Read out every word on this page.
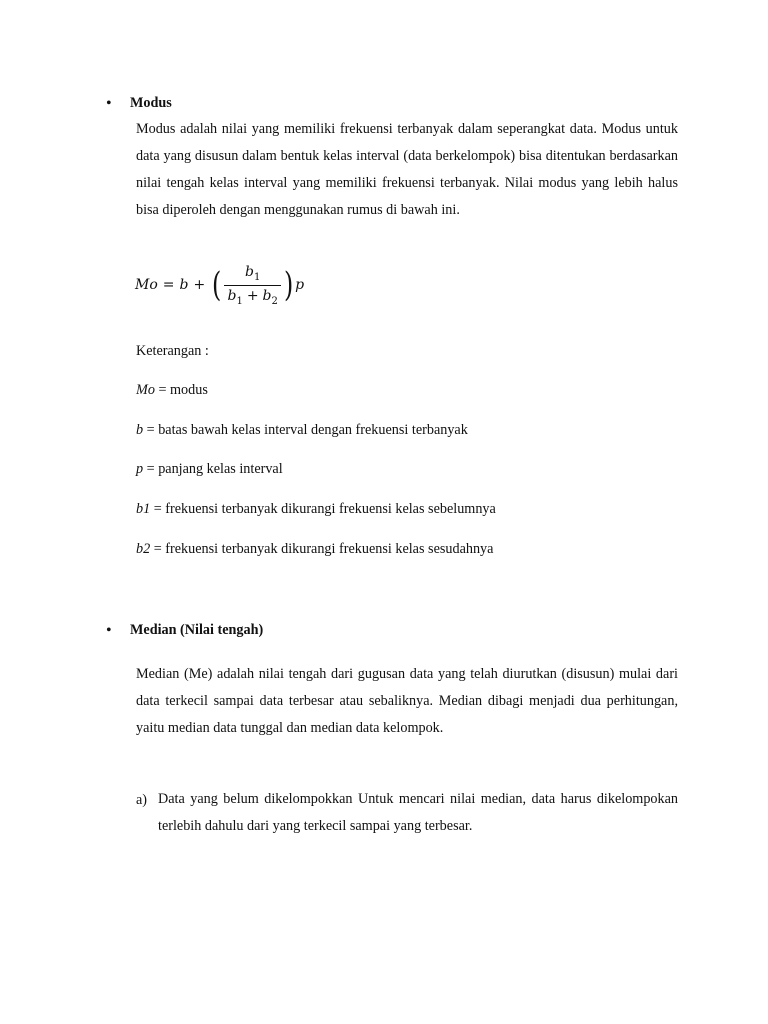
• Modus

Modus adalah nilai yang memiliki frekuensi terbanyak dalam seperangkat data. Modus untuk data yang disusun dalam bentuk kelas interval (data berkelompok) bisa ditentukan berdasarkan nilai tengah kelas interval yang memiliki frekuensi terbanyak. Nilai modus yang lebih halus bisa diperoleh dengan menggunakan rumus di bawah ini.

Mo = b + ( $\frac{b_1}{b_1 + b_2}$ ) p
Keterangan :
Mo = modus
b = batas bawah kelas interval dengan frekuensi terbanyak
p = panjang kelas interval
b1 = frekuensi terbanyak dikurangi frekuensi kelas sebelumnya
b2 = frekuensi terbanyak dikurangi frekuensi kelas sesudahnya
• Median (Nilai tengah)

Median (Me) adalah nilai tengah dari gugusan data yang telah diurutkan (disusun) mulai dari data terkecil sampai data terbesar atau sebaliknya. Median dibagi menjadi dua perhitungan, yaitu median data tunggal dan median data kelompok.

a) Data yang belum dikelompokkan Untuk mencari nilai median, data harus dikelompokan terlebih dahulu dari yang terkecil sampai yang terbesar.
